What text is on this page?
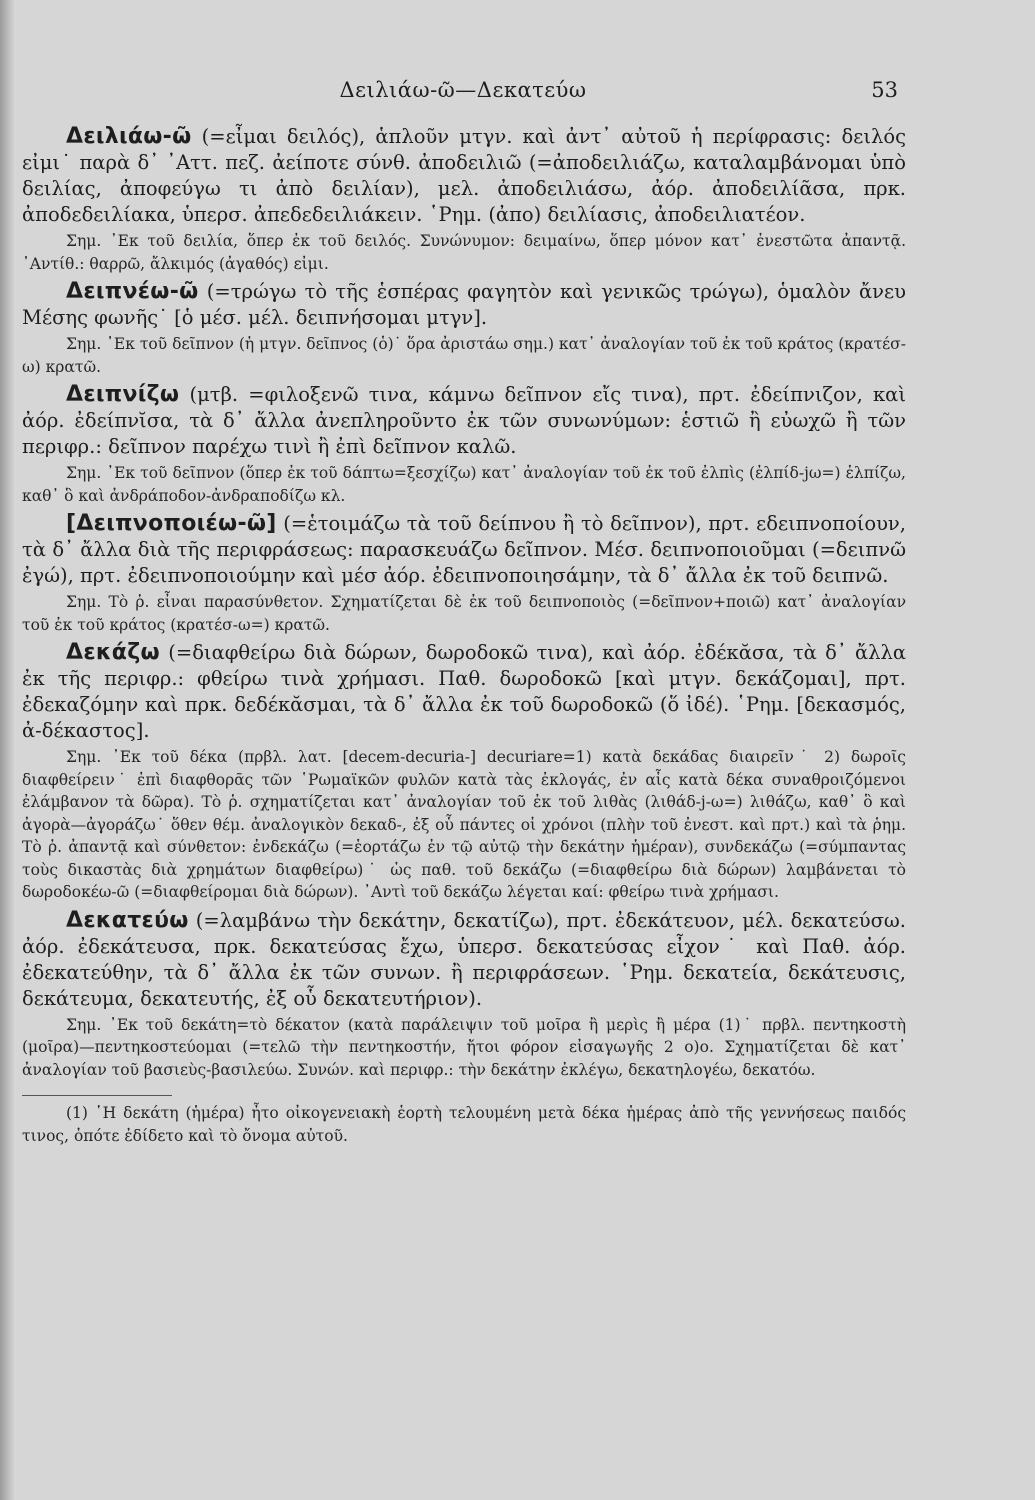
Δειλιάω-ῶ—Δεκατεύω	53

Δειλιάω-ῶ (=εἶμαι δειλός), ἁπλοῦν μτγν. καὶ ἀντ᾽ αὐτοῦ ἡ περίφρασις: δειλός εἰμι˙ παρὰ δ᾽ ᾽Αττ. πεζ. ἀείποτε σύνθ. ἀποδειλιῶ (=ἀποδειλιάζω, καταλαμβάνομαι ὑπὸ δειλίας, ἀποφεύγω τι ἀπὸ δειλίαν), μελ. ἀποδειλιάσω, ἀόρ. ἀποδειλίᾶσα, πρκ. ἀποδεδειλίακα, ὑπερσ. ἀπεδεδειλιάκειν. ῾Ρημ. (ἀπο) δειλίασις, ἀποδειλιατέον.

Σημ. ᾽Εκ τοῦ δειλία, ὅπερ ἐκ τοῦ δειλός. Συνώνυμον: δειμαίνω, ὅπερ μόνον κατ᾽ ἐνεστῶτα ἀπαντᾷ. ᾽Αντίθ.: θαρρῶ, ἄλκιμός (ἀγαθός) εἰμι.

Δειπνέω-ῶ (=τρώγω τὸ τῆς ἑσπέρας φαγητὸν καὶ γενικῶς τρώγω), ὁμαλὸν ἄνευ Μέσης φωνῆς˙ [ὁ μέσ. μέλ. δειπνήσομαι μτγν].

Σημ. ᾽Εκ τοῦ δεῖπνον (ἡ μτγν. δεῖπνος (ὁ)˙ ὅρα ἀριστάω σημ.) κατ᾽ ἀναλογίαν τοῦ ἐκ τοῦ κράτος (κρατέσ-ω) κρατῶ.

Δειπνίζω (μτβ. =φιλοξενῶ τινα, κάμνω δεῖπνον εἴς τινα), πρτ. ἐδείπνιζον, καὶ ἀόρ. ἐδείπνῐσα, τὰ δ᾽ ἄλλα ἀνεπληροῦντο ἐκ τῶν συνωνύμων: ἑστιῶ ἢ εὐωχῶ ἢ τῶν περιφρ.: δεῖπνον παρέχω τινὶ ἢ ἐπὶ δεῖπνον καλῶ.

Σημ. ᾽Εκ τοῦ δεῖπνον (ὅπερ ἐκ τοῦ δάπτω=ξεσχίζω) κατ᾽ ἀναλογίαν τοῦ ἐκ τοῦ ἐλπὶς (ἐλπίδ-jω=) ἐλπίζω, καθ᾽ ὃ καὶ ἀνδράποδον-ἀνδραποδίζω κλ.

[Δειπνοποιέω-ῶ] (=ἑτοιμάζω τὰ τοῦ δείπνου ἢ τὸ δεῖπνον), πρτ. εδειπνοποίουν, τὰ δ᾽ ἄλλα διὰ τῆς περιφράσεως: παρασκευάζω δεῖπνον. Μέσ. δειπνοποιοῦμαι (=δειπνῶ ἐγώ), πρτ. ἐδειπνοποιούμην καὶ μέσ ἀόρ. ἐδειπνοποιησάμην, τὰ δ᾽ ἄλλα ἐκ τοῦ δειπνῶ.

Σημ. Τὸ ῥ. εἶναι παρασύνθετον. Σχηματίζεται δὲ ἐκ τοῦ δειπνοποιὸς (=δεῖπνον+ποιῶ) κατ᾽ ἀναλογίαν τοῦ ἐκ τοῦ κράτος (κρατέσ-ω=) κρατῶ.

Δεκάζω (=διαφθείρω διὰ δώρων, δωροδοκῶ τινα), καὶ ἀόρ. ἐδέκᾰσα, τὰ δ᾽ ἄλλα ἐκ τῆς περιφρ.: φθείρω τινὰ χρήμασι. Παθ. δωροδοκῶ [καὶ μτγν. δεκάζομαι], πρτ. ἐδεκαζόμην καὶ πρκ. δεδέκᾰσμαι, τὰ δ᾽ ἄλλα ἐκ τοῦ δωροδοκῶ (ὅ ἰδέ). ῾Ρημ. [δεκασμός, ἀ-δέκαστος].

Σημ. ᾽Εκ τοῦ δέκα (πρβλ. λατ. [decem-decuria-] decuriare=1) κατὰ δεκάδας διαιρεῖν˙ 2) δωροῖς διαφθείρειν˙ ἐπὶ διαφθορᾶς τῶν ῾Ρωμαϊκῶν φυλῶν κατὰ τὰς ἐκλογάς, ἐν αἷς κατὰ δέκα συναθροιζόμενοι ἐλάμβανον τὰ δῶρα). Τὸ ῥ. σχηματίζεται κατ᾽ ἀναλογίαν τοῦ ἐκ τοῦ λιθὰς (λιθάδ-j-ω=) λιθάζω, καθ᾽ ὃ καὶ ἀγορὰ—ἀγοράζω˙ ὅθεν θέμ. ἀναλογικὸν δεκαδ-, ἐξ οὗ πάντες οἱ χρόνοι (πλὴν τοῦ ἐνεστ. καὶ πρτ.) καὶ τὰ ῥημ. Τὸ ῥ. ἀπαντᾷ καὶ σύνθετον: ἐνδεκάζω (=ἑορτάζω ἐν τῷ αὐτῷ τὴν δεκάτην ἡμέραν), συνδεκάζω (=σύμπαντας τοὺς δικαστὰς διὰ χρημάτων διαφθείρω)˙ ὡς παθ. τοῦ δεκάζω (=διαφθείρω διὰ δώρων) λαμβάνεται τὸ δωροδοκέω-ῶ (=διαφθείρομαι διὰ δώρων). ᾽Αντὶ τοῦ δεκάζω λέγεται καί: φθείρω τινὰ χρήμασι.

Δεκατεύω (=λαμβάνω τὴν δεκάτην, δεκατίζω), πρτ. ἐδεκάτευον, μέλ. δεκατεύσω. ἀόρ. ἐδεκάτευσα, πρκ. δεκατεύσας ἔχω, ὑπερσ. δεκατεύσας εἶχον˙ καὶ Παθ. ἀόρ. ἐδεκατεύθην, τὰ δ᾽ ἄλλα ἐκ τῶν συνων. ἢ περιφράσεων. ῾Ρημ. δεκατεία, δεκάτευσις, δεκάτευμα, δεκατευτής, ἐξ οὗ δεκατευτήριον).

Σημ. ᾽Εκ τοῦ δεκάτη=τὸ δέκατον (κατὰ παράλειψιν τοῦ μοῖρα ἢ μερὶς ἢ μέρα (1)˙ πρβλ. πεντηκοστὴ (μοῖρα)—πεντηκοστεύομαι (=τελῶ τὴν πεντηκοστήν, ἤτοι φόρον εἰσαγωγῆς 2 ο)ο. Σχηματίζεται δὲ κατ᾽ ἀναλογίαν τοῦ βασιεὺς-βασιλεύω. Συνών. καὶ περιφρ.: τὴν δεκάτην ἐκλέγω, δεκατηλογέω, δεκατόω.

(1) ῾Η δεκάτη (ἡμέρα) ἦτο οἰκογενειακὴ ἑορτὴ τελουμένη μετὰ δέκα ἡμέρας ἀπὸ τῆς γεννήσεως παιδός τινος, ὁπότε ἐδίδετο καὶ τὸ ὄνομα αὐτοῦ.
